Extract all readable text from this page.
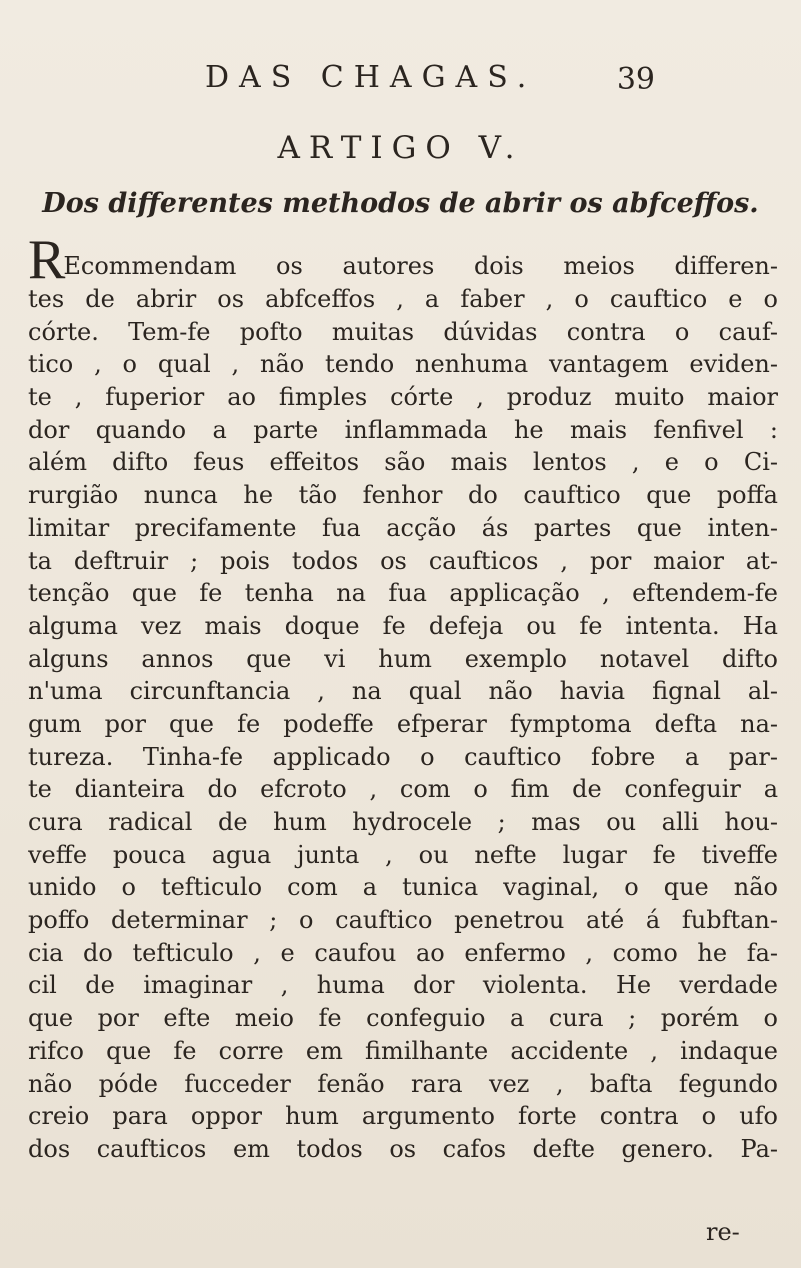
DAS CHAGAS.	39
ARTIGO V.
Dos differentes methodos de abrir os abfceffos.
REcommendam os autores dois meios differen-
tes de abrir os abfceffos , a faber , o cauftico e o
córte. Tem-fe pofto muitas dúvidas contra o cauf-
tico , o qual , não tendo nenhuma vantagem eviden-
te , fuperior ao fimples córte , produz muito maior
dor quando a parte inflammada he mais fenfivel :
além difto feus effeitos são mais lentos , e o Ci-
rurgião nunca he tão fenhor do cauftico que poffa
limitar precifamente fua acção ás partes que inten-
ta deftruir ; pois todos os caufticos , por maior at-
tenção que fe tenha na fua applicação , eftendem-fe
alguma vez mais doque fe defeja ou fe intenta. Ha
alguns annos que vi hum exemplo notavel difto
n'uma circunftancia , na qual não havia fignal al-
gum por que fe podeffe efperar fymptoma defta na-
tureza. Tinha-fe applicado o cauftico fobre a par-
te dianteira do efcroto , com o fim de confeguir a
cura radical de hum hydrocele ; mas ou alli hou-
veffe pouca agua junta , ou nefte lugar fe tiveffe
unido o tefticulo com a tunica vaginal, o que não
poffo determinar ; o cauftico penetrou até á fubftan-
cia do tefticulo , e caufou ao enfermo , como he fa-
cil de imaginar , huma dor violenta. He verdade
que por efte meio fe confeguio a cura ; porém o
rifco que fe corre em fimilhante accidente , indaque
não póde fucceder fenão rara vez , bafta fegundo
creio para oppor hum argumento forte contra o ufo
dos caufticos em todos os cafos defte genero. Pa-
re-
